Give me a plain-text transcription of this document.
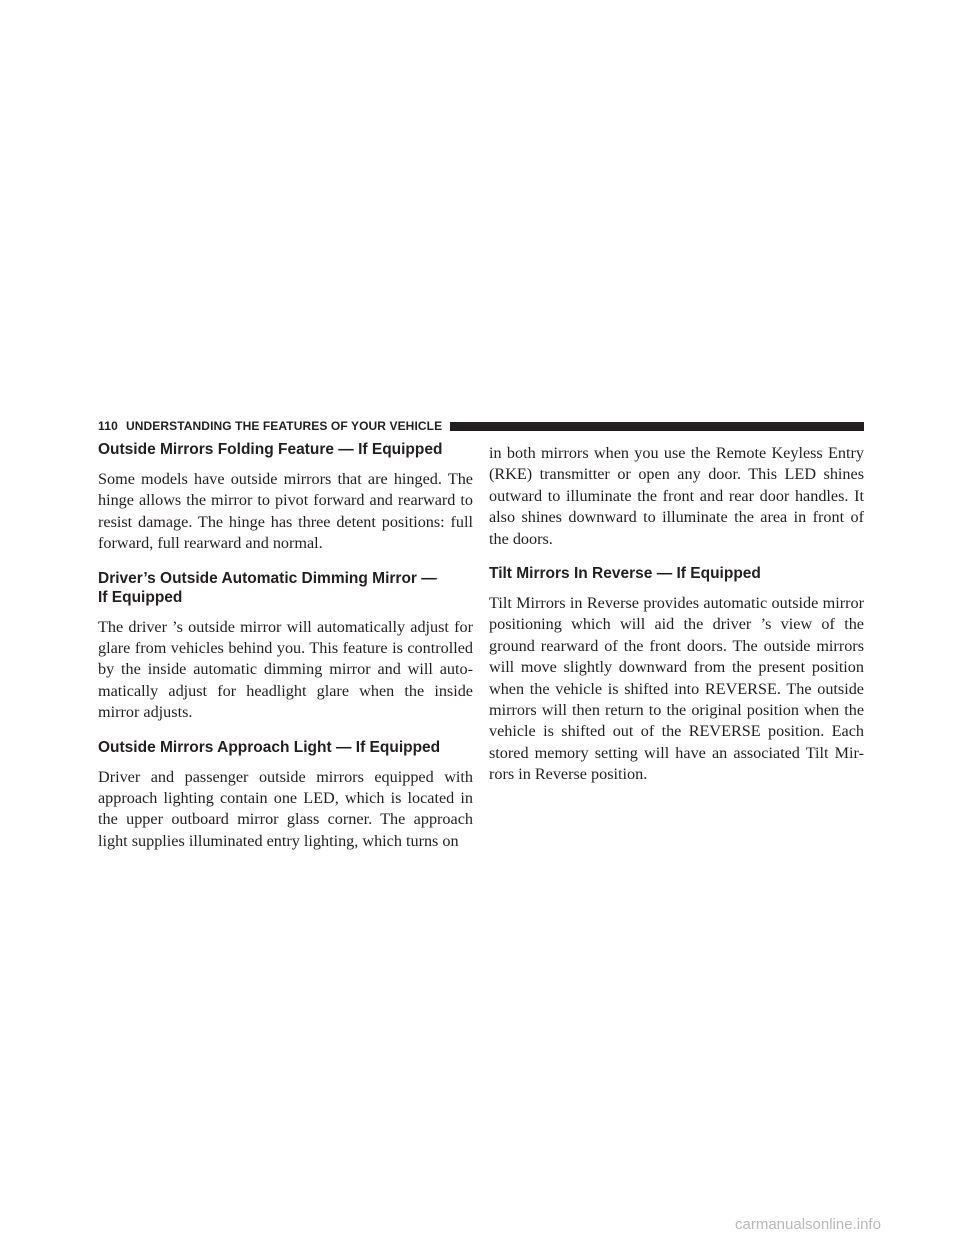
110 UNDERSTANDING THE FEATURES OF YOUR VEHICLE
Outside Mirrors Folding Feature — If Equipped

Some models have outside mirrors that are hinged. The hinge allows the mirror to pivot forward and rearward to resist damage. The hinge has three detent positions: full forward, full rearward and normal.

Driver’s Outside Automatic Dimming Mirror —
If Equipped

The driver ’s outside mirror will automatically adjust for glare from vehicles behind you. This feature is controlled by the inside automatic dimming mirror and will auto- matically adjust for headlight glare when the inside mirror adjusts.

Outside Mirrors Approach Light — If Equipped

Driver and passenger outside mirrors equipped with approach lighting contain one LED, which is located in the upper outboard mirror glass corner. The approach light supplies illuminated entry lighting, which turns on

in both mirrors when you use the Remote Keyless Entry (RKE) transmitter or open any door. This LED shines outward to illuminate the front and rear door handles. It also shines downward to illuminate the area in front of the doors.

Tilt Mirrors In Reverse — If Equipped

Tilt Mirrors in Reverse provides automatic outside mirror positioning which will aid the driver ’s view of the ground rearward of the front doors. The outside mirrors will move slightly downward from the present position when the vehicle is shifted into REVERSE. The outside mirrors will then return to the original position when the vehicle is shifted out of the REVERSE position. Each stored memory setting will have an associated Tilt Mir- rors in Reverse position.

carmanualsonline.info
